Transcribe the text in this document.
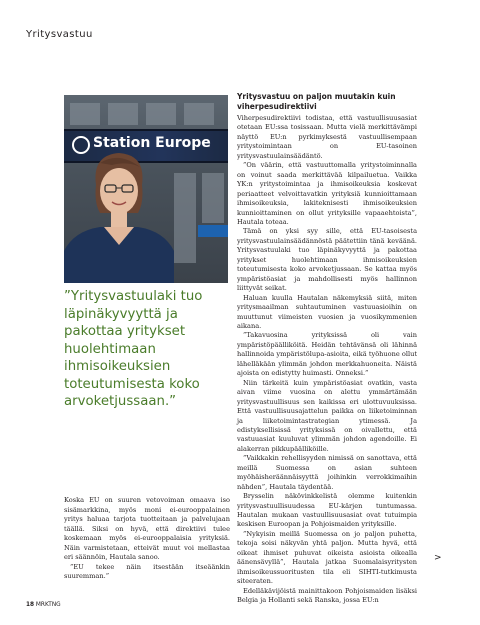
Yritysvastuu
Station Europe

”Yritysvastuulaki tuo läpinäkyvyyttä ja pakottaa yritykset huolehtimaan ihmisoikeuksien toteutumisesta koko arvoketjussaan.”

Koska EU on suuren vetovoiman omaava iso sisämarkkina, myös moni ei-eurooppalainen yritys haluaa tarjota tuotteitaan ja palvelujaan täällä. Siksi on hyvä, että direktiivi tulee koskemaan myös ei-eurooppalaisia yrityksiä. Näin varmistetaan, etteivät muut voi mellastaa eri säännöin, Hautala sanoo.

”EU tekee näin itsestään itseäänkin suuremman.”

Yritysvastuu on paljon muutakin kuin viherpesudirektiivi

Viherpesudirektiivi todistaa, että vastuullisuusasiat otetaan EU:ssa tosissaan. Mutta vielä merkittävämpi näyttö EU:n pyrkimyksestä vastuullisempaan yritystoimintaan on EU-tasoinen yritysvastuulainsäädäntö.

”On väärin, että vastuuttomalla yritystoiminnalla on voinut saada merkittävää kilpailuetua. Vaikka YK:n yritystoimintaa ja ihmisoikeuksia koskevat periaatteet velvoittavatkin yrityksiä kunnioittamaan ihmisoikeuksia, lakiteknisesti ihmisoikeuksien kunnioittaminen on ollut yrityksille vapaaehtoista”, Hautala toteaa.

Tämä on yksi syy sille, että EU-tasoisesta yritysvastuulainsäädännöstä päätettiin tänä keväänä. Yritysvastuulaki tuo läpinäkyvyyttä ja pakottaa yritykset huolehtimaan ihmisoikeuksien toteutumisesta koko arvoketjussaan. Se kattaa myös ympäristöasiat ja mahdollisesti myös hallinnon liittyvät seikat.

Haluan kuulla Hautalan näkemyksiä siitä, miten yritysmaailman suhtautuminen vastuuasioihin on muuttunut viimeisten vuosien ja vuosikymmenien aikana.

”Takavuosina yrityksissä oli vain ympäristöpäälliköitä. Heidän tehtävänsä oli lähinnä hallinnoida ympäristölupa-asioita, eikä työhuone ollut lähelläkään ylimmän johdon merkkahuoneita. Näistä ajoista on edistytty huimasti. Onneksi.”

Niin tärkeitä kuin ympäristöasiat ovatkin, vasta aivan viime vuosina on alettu ymmärtämään yritysvastuullisuus sen kaikissa eri ulottuvuuksissa. Että vastuullisuusajattelun paikka on liiketoiminnan ja liiketoimintastrategian ytimessä. Ja edistyksellisissä yrityksissä on oivallettu, että vastuuasiat kuuluvat ylimmän johdon agendoille. Ei alakerran pikkupäälliköille.

”Vaikkakin rehellisyyden nimissä on sanottava, että meillä Suomessa on asian suhteen myöhäisheräännäisyyttä joihinkin verrokkimaihin nähden”, Hautala täydentää.

Brysselin näkövinkkelistä olemme kuitenkin yritysvastuullisuudessa EU-kärjen tuntumassa. Hautalan mukaan vastuullisuusasiat ovat tutuimpia keskisen Euroopan ja Pohjoismaiden yrityksille.

”Nykyisin meillä Suomessa on jo paljon puhetta, tekoja soisi näkyvän yhtä paljon. Mutta hyvä, että oikeat ihmiset puhuvat oikeista asioista oikealla äänensävyllä”, Hautala jatkaa Suomalaisyritysten ihmisoikeussuoritusten tila eli SIHTI-tutkimusta siteeraten.

Edelläkävijöistä mainittakoon Pohjoismaiden lisäksi Belgia ja Hollanti sekä Ranska, jossa EU:n

>
18 MRKTNG
